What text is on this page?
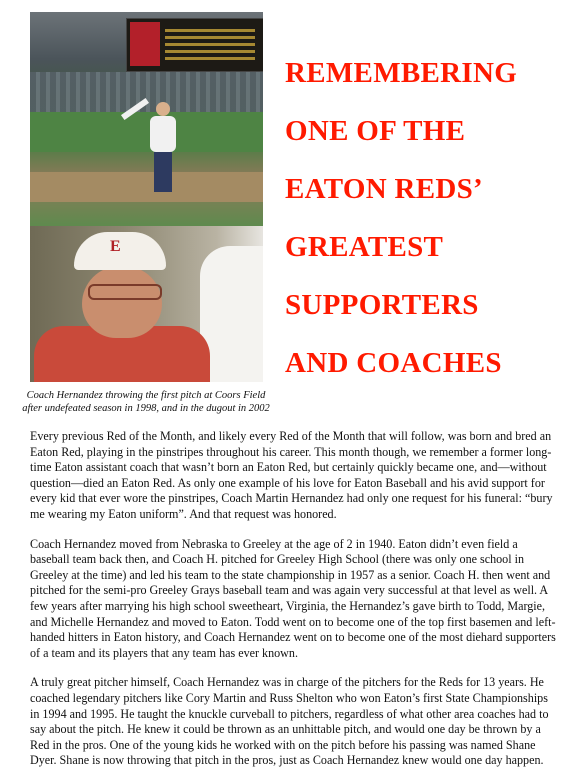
E

Coach Hernandez throwing the first pitch at Coors Field
after undefeated season in 1998, and in the dugout in 2002

REMEMBERING
ONE OF THE
EATON REDS’
GREATEST
SUPPORTERS
AND COACHES

Every previous Red of the Month, and likely every Red of the Month that will follow, was born and bred an Eaton Red, playing in the pinstripes throughout his career. This month though, we remember a former long-time Eaton assistant coach that wasn’t born an Eaton Red, but certainly quickly became one, and—without question—died an Eaton Red. As only one example of his love for Eaton Baseball and his avid support for every kid that ever wore the pinstripes, Coach Martin Hernandez had only one request for his funeral: “bury me wearing my Eaton uniform”. And that request was honored.

Coach Hernandez moved from Nebraska to Greeley at the age of 2 in 1940. Eaton didn’t even field a baseball team back then, and Coach H. pitched for Greeley High School (there was only one school in Greeley at the time) and led his team to the state championship in 1957 as a senior. Coach H. then went and pitched for the semi-pro Greeley Grays baseball team and was again very successful at that level as well. A few years after marrying his high school sweetheart, Virginia, the Hernandez’s gave birth to Todd, Margie, and Michelle Hernandez and moved to Eaton. Todd went on to become one of the top first basemen and left-handed hitters in Eaton history, and Coach Hernandez went on to become one of the most diehard supporters of a team and its players that any team has ever known.

A truly great pitcher himself, Coach Hernandez was in charge of the pitchers for the Reds for 13 years. He coached legendary pitchers like Cory Martin and Russ Shelton who won Eaton’s first State Championships in 1994 and 1995. He taught the knuckle curveball to pitchers, regardless of what other area coaches had to say about the pitch. He knew it could be thrown as an unhittable pitch, and would one day be thrown by a Red in the pros. One of the young kids he worked with on the pitch before his passing was named Shane Dyer. Shane is now throwing that pitch in the pros, just as Coach Hernandez knew would one day happen.
